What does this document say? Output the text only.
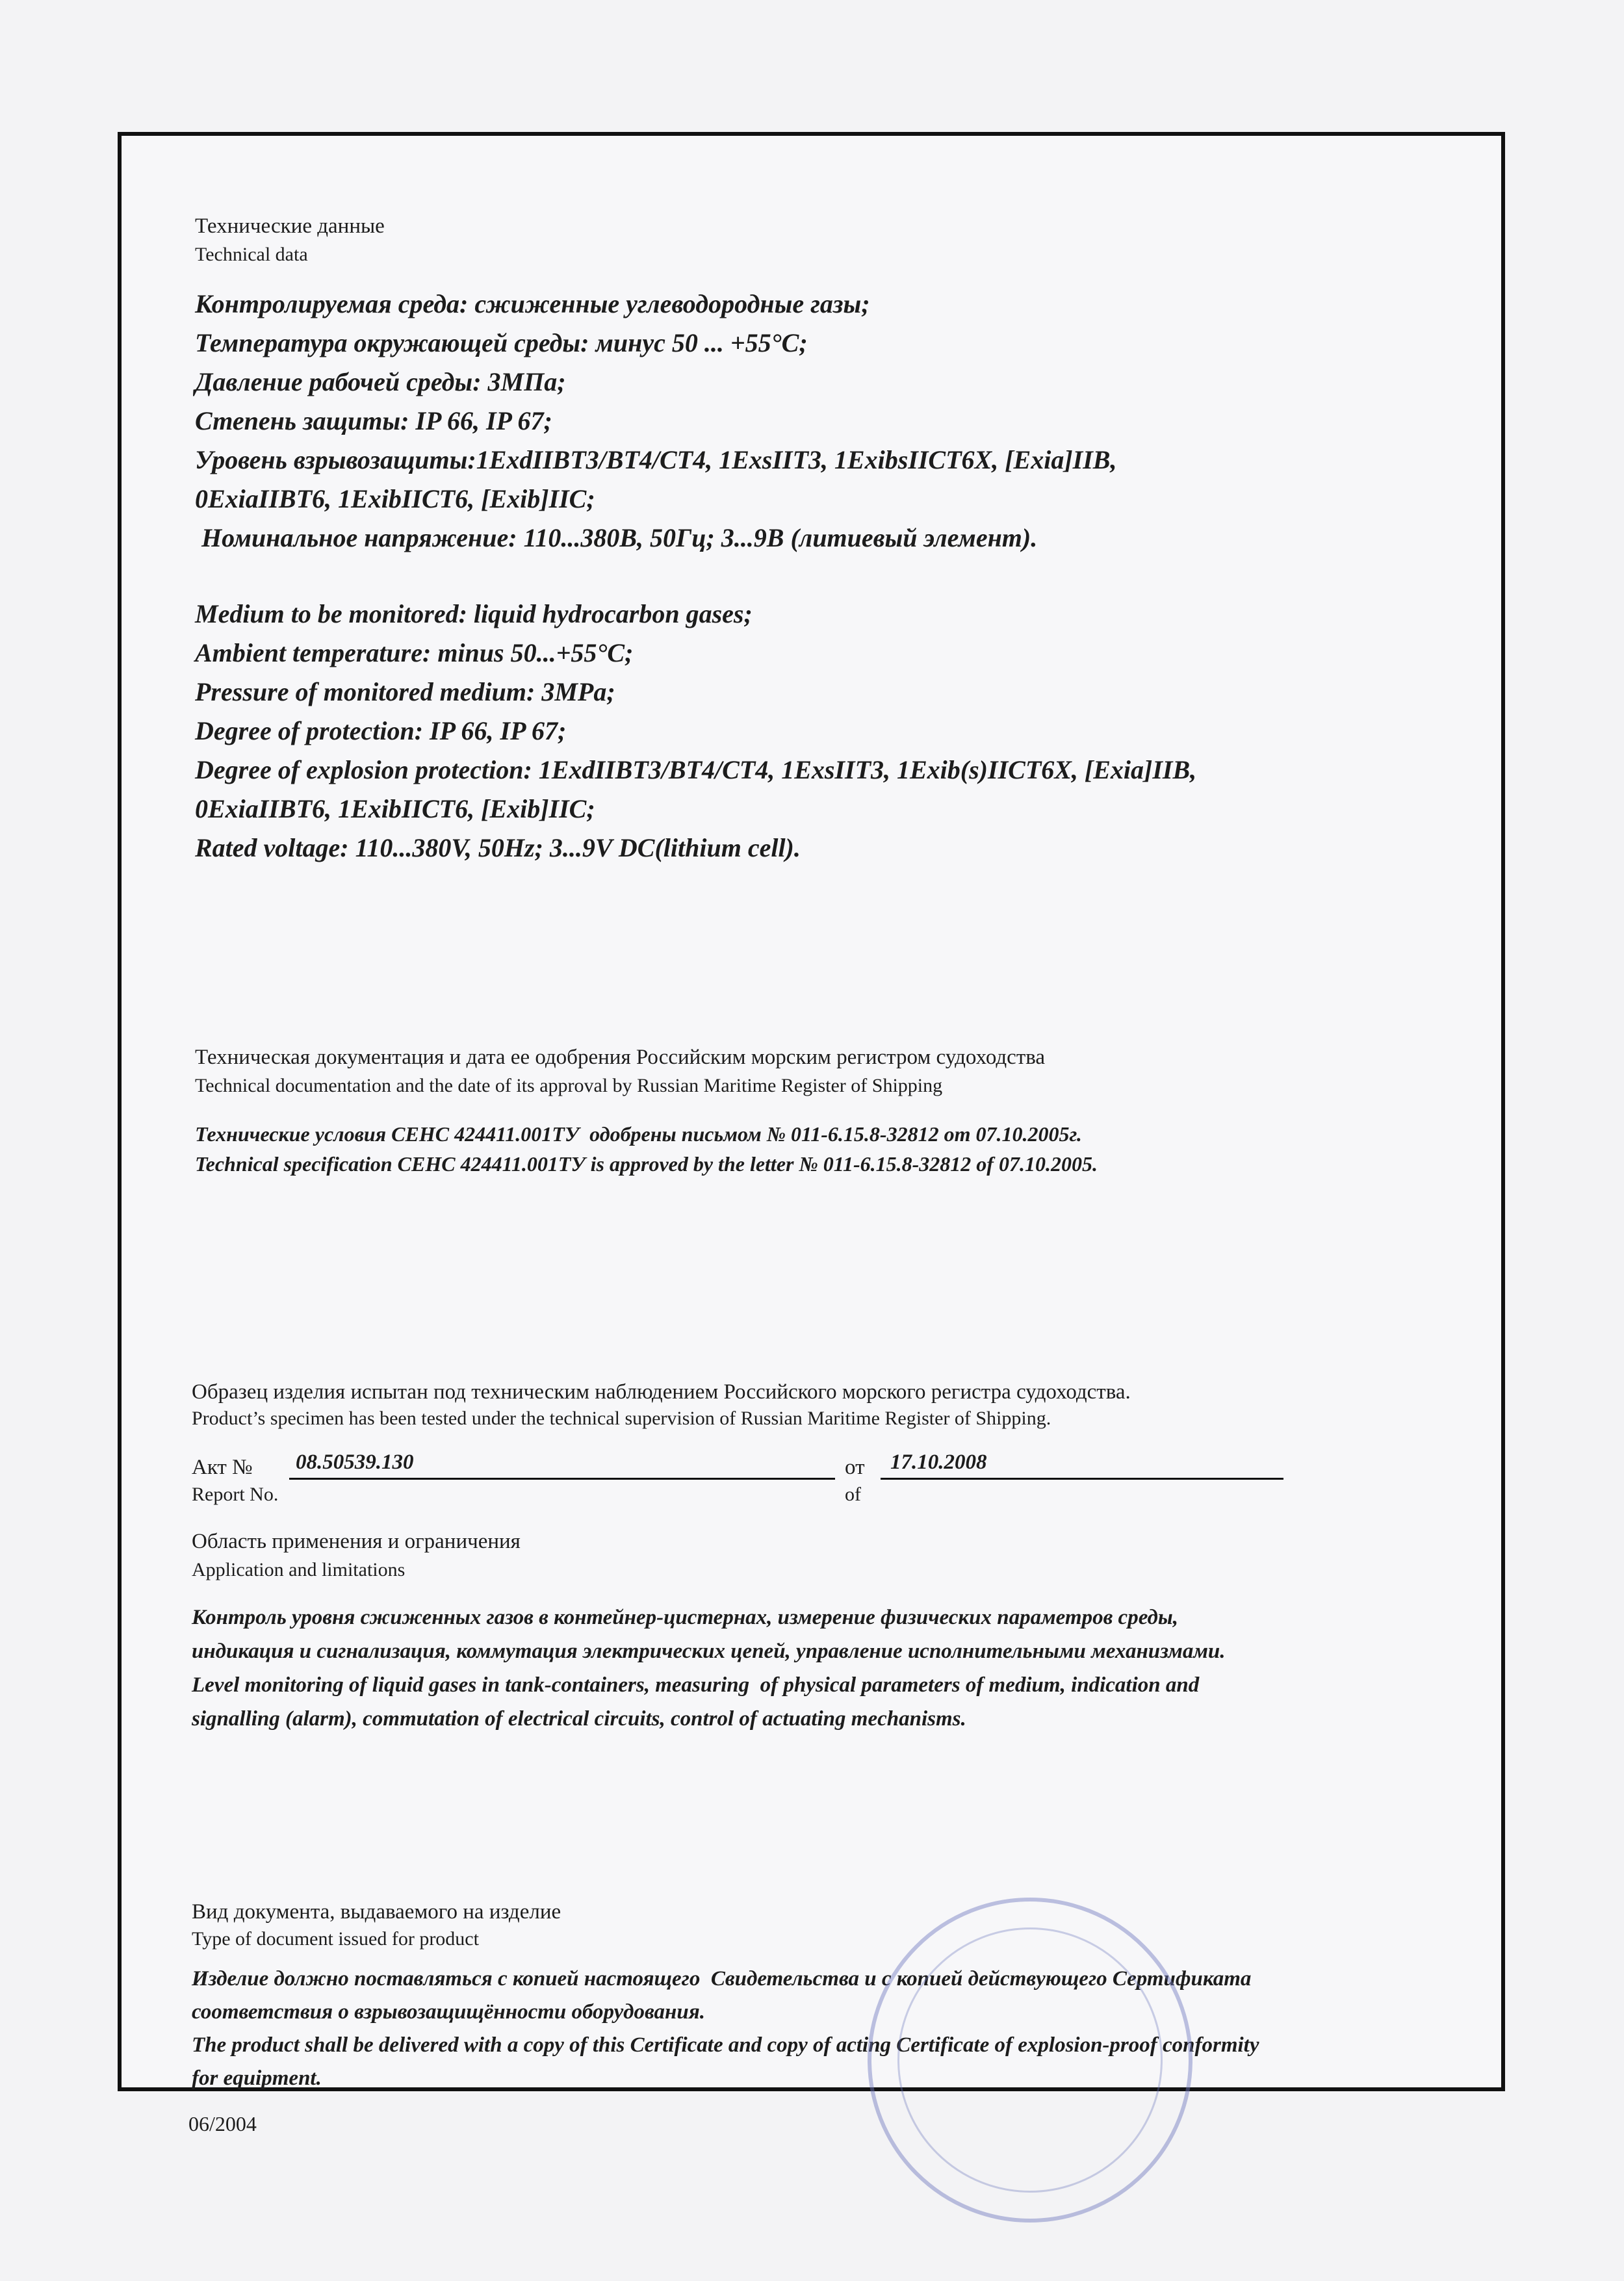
Технические данные
Technical data
Контролируемая среда: сжиженные углеводородные газы;
Температура окружающей среды: минус 50 ... +55°С;
Давление рабочей среды: 3МПа;
Степень защиты: IP 66, IP 67;
Уровень взрывозащиты:1ExdIIBT3/BT4/CT4, 1ExsIIT3, 1ExibsIICT6X, [Exia]IIB,
0ExiaIIBT6, 1ExibIICT6, [Exib]IIC;
Номинальное напряжение: 110...380В, 50Гц; 3...9В (литиевый элемент).
Medium to be monitored: liquid hydrocarbon gases;
Ambient temperature: minus 50...+55°C;
Pressure of monitored medium: 3MPa;
Degree of protection: IP 66, IP 67;
Degree of explosion protection: 1ExdIIBT3/BT4/CT4, 1ExsIIT3, 1Exib(s)IICT6X, [Exia]IIB,
0ExiaIIBT6, 1ExibIICT6, [Exib]IIC;
Rated voltage: 110...380V, 50Hz; 3...9V DC(lithium cell).
Техническая документация и дата ее одобрения Российским морским регистром судоходства
Technical documentation and the date of its approval by Russian Maritime Register of Shipping
Технические условия СЕНС 424411.001ТУ  одобрены письмом № 011-6.15.8-32812 от 07.10.2005г.
Technical specification СЕНС 424411.001ТУ is approved by the letter № 011-6.15.8-32812 of 07.10.2005.
Образец изделия испытан под техническим наблюдением Российского морского регистра судоходства.
Product’s specimen has been tested under the technical supervision of Russian Maritime Register of Shipping.
Акт №
Report No.
08.50539.130	от
of
17.10.2008
Область применения и ограничения
Application and limitations
Контроль уровня сжиженных газов в контейнер-цистернах, измерение физических параметров среды,
индикация и сигнализация, коммутация электрических цепей, управление исполнительными механизмами.
Level monitoring of liquid gases in tank-containers, measuring  of physical parameters of medium, indication and
signalling (alarm), commutation of electrical circuits, control of actuating mechanisms.
Вид документа, выдаваемого на изделие
Type of document issued for product
Изделие должно поставляться с копией настоящего  Свидетельства и с копией действующего Сертификата
соответствия о взрывозащищённости оборудования.
The product shall be delivered with a copy of this Certificate and copy of acting Certificate of explosion-proof conformity
for equipment.
06/2004
